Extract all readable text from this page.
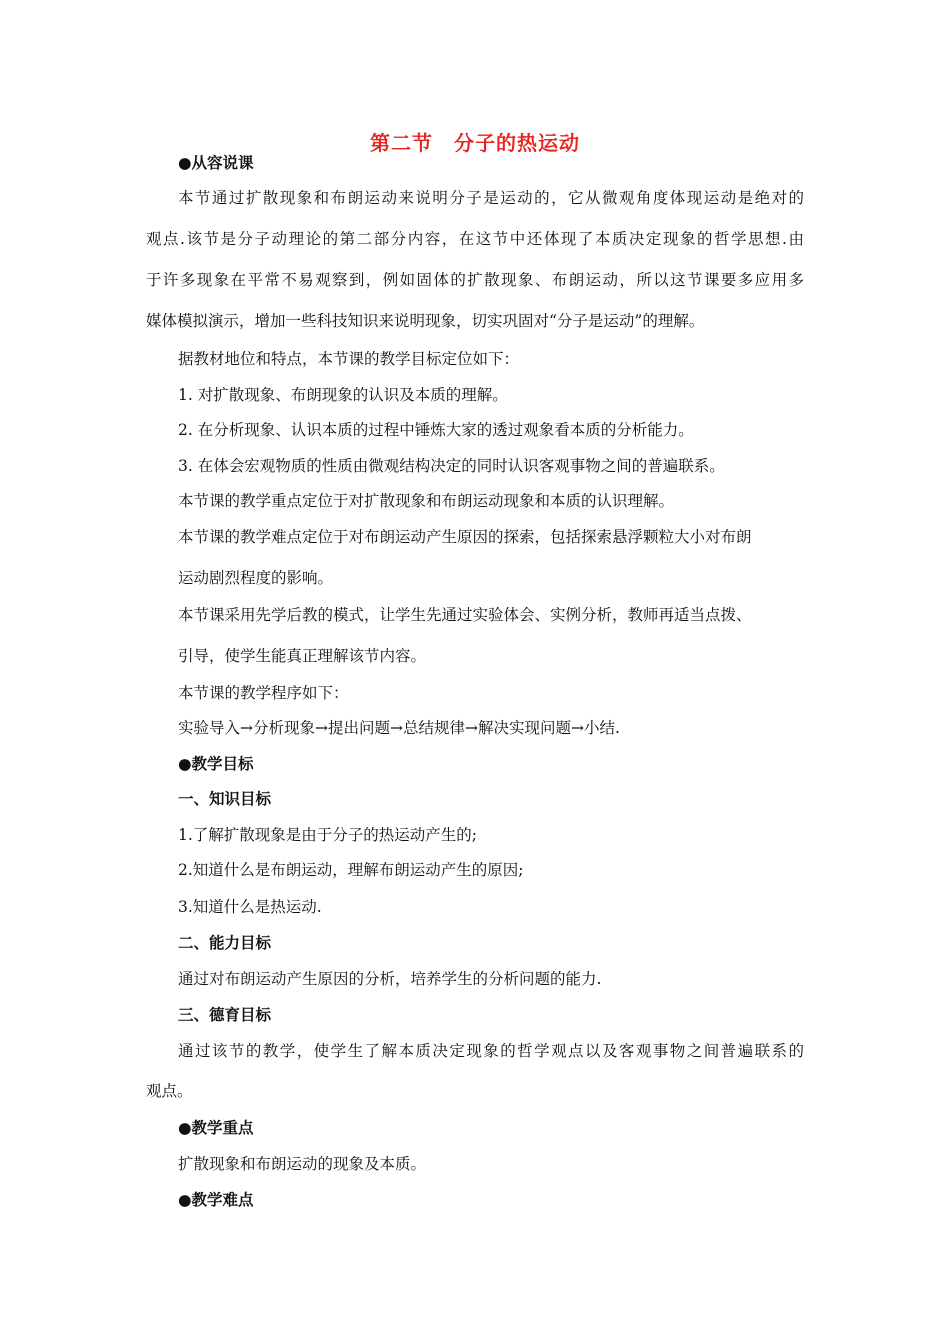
第二节　分子的热运动
●从容说课
本节通过扩散现象和布朗运动来说明分子是运动的，它从微观角度体现运动是绝对的
观点.该节是分子动理论的第二部分内容，在这节中还体现了本质决定现象的哲学思想.由
于许多现象在平常不易观察到，例如固体的扩散现象、布朗运动，所以这节课要多应用多
媒体模拟演示，增加一些科技知识来说明现象，切实巩固对“分子是运动”的理解。
据教材地位和特点，本节课的教学目标定位如下：
1. 对扩散现象、布朗现象的认识及本质的理解。
2. 在分析现象、认识本质的过程中锤炼大家的透过观象看本质的分析能力。
3. 在体会宏观物质的性质由微观结构决定的同时认识客观事物之间的普遍联系。
本节课的教学重点定位于对扩散现象和布朗运动现象和本质的认识理解。
本节课的教学难点定位于对布朗运动产生原因的探索，包括探索悬浮颗粒大小对布朗
运动剧烈程度的影响。
本节课采用先学后教的模式，让学生先通过实验体会、实例分析，教师再适当点拨、
引导，使学生能真正理解该节内容。
本节课的教学程序如下：
实验导入→分析现象→提出问题→总结规律→解决实现问题→小结.
●教学目标
一、知识目标
1.了解扩散现象是由于分子的热运动产生的;
2.知道什么是布朗运动，理解布朗运动产生的原因;
3.知道什么是热运动.
二、能力目标
通过对布朗运动产生原因的分析，培养学生的分析问题的能力.
三、德育目标
通过该节的教学，使学生了解本质决定现象的哲学观点以及客观事物之间普遍联系的
观点。
●教学重点
扩散现象和布朗运动的现象及本质。
●教学难点
